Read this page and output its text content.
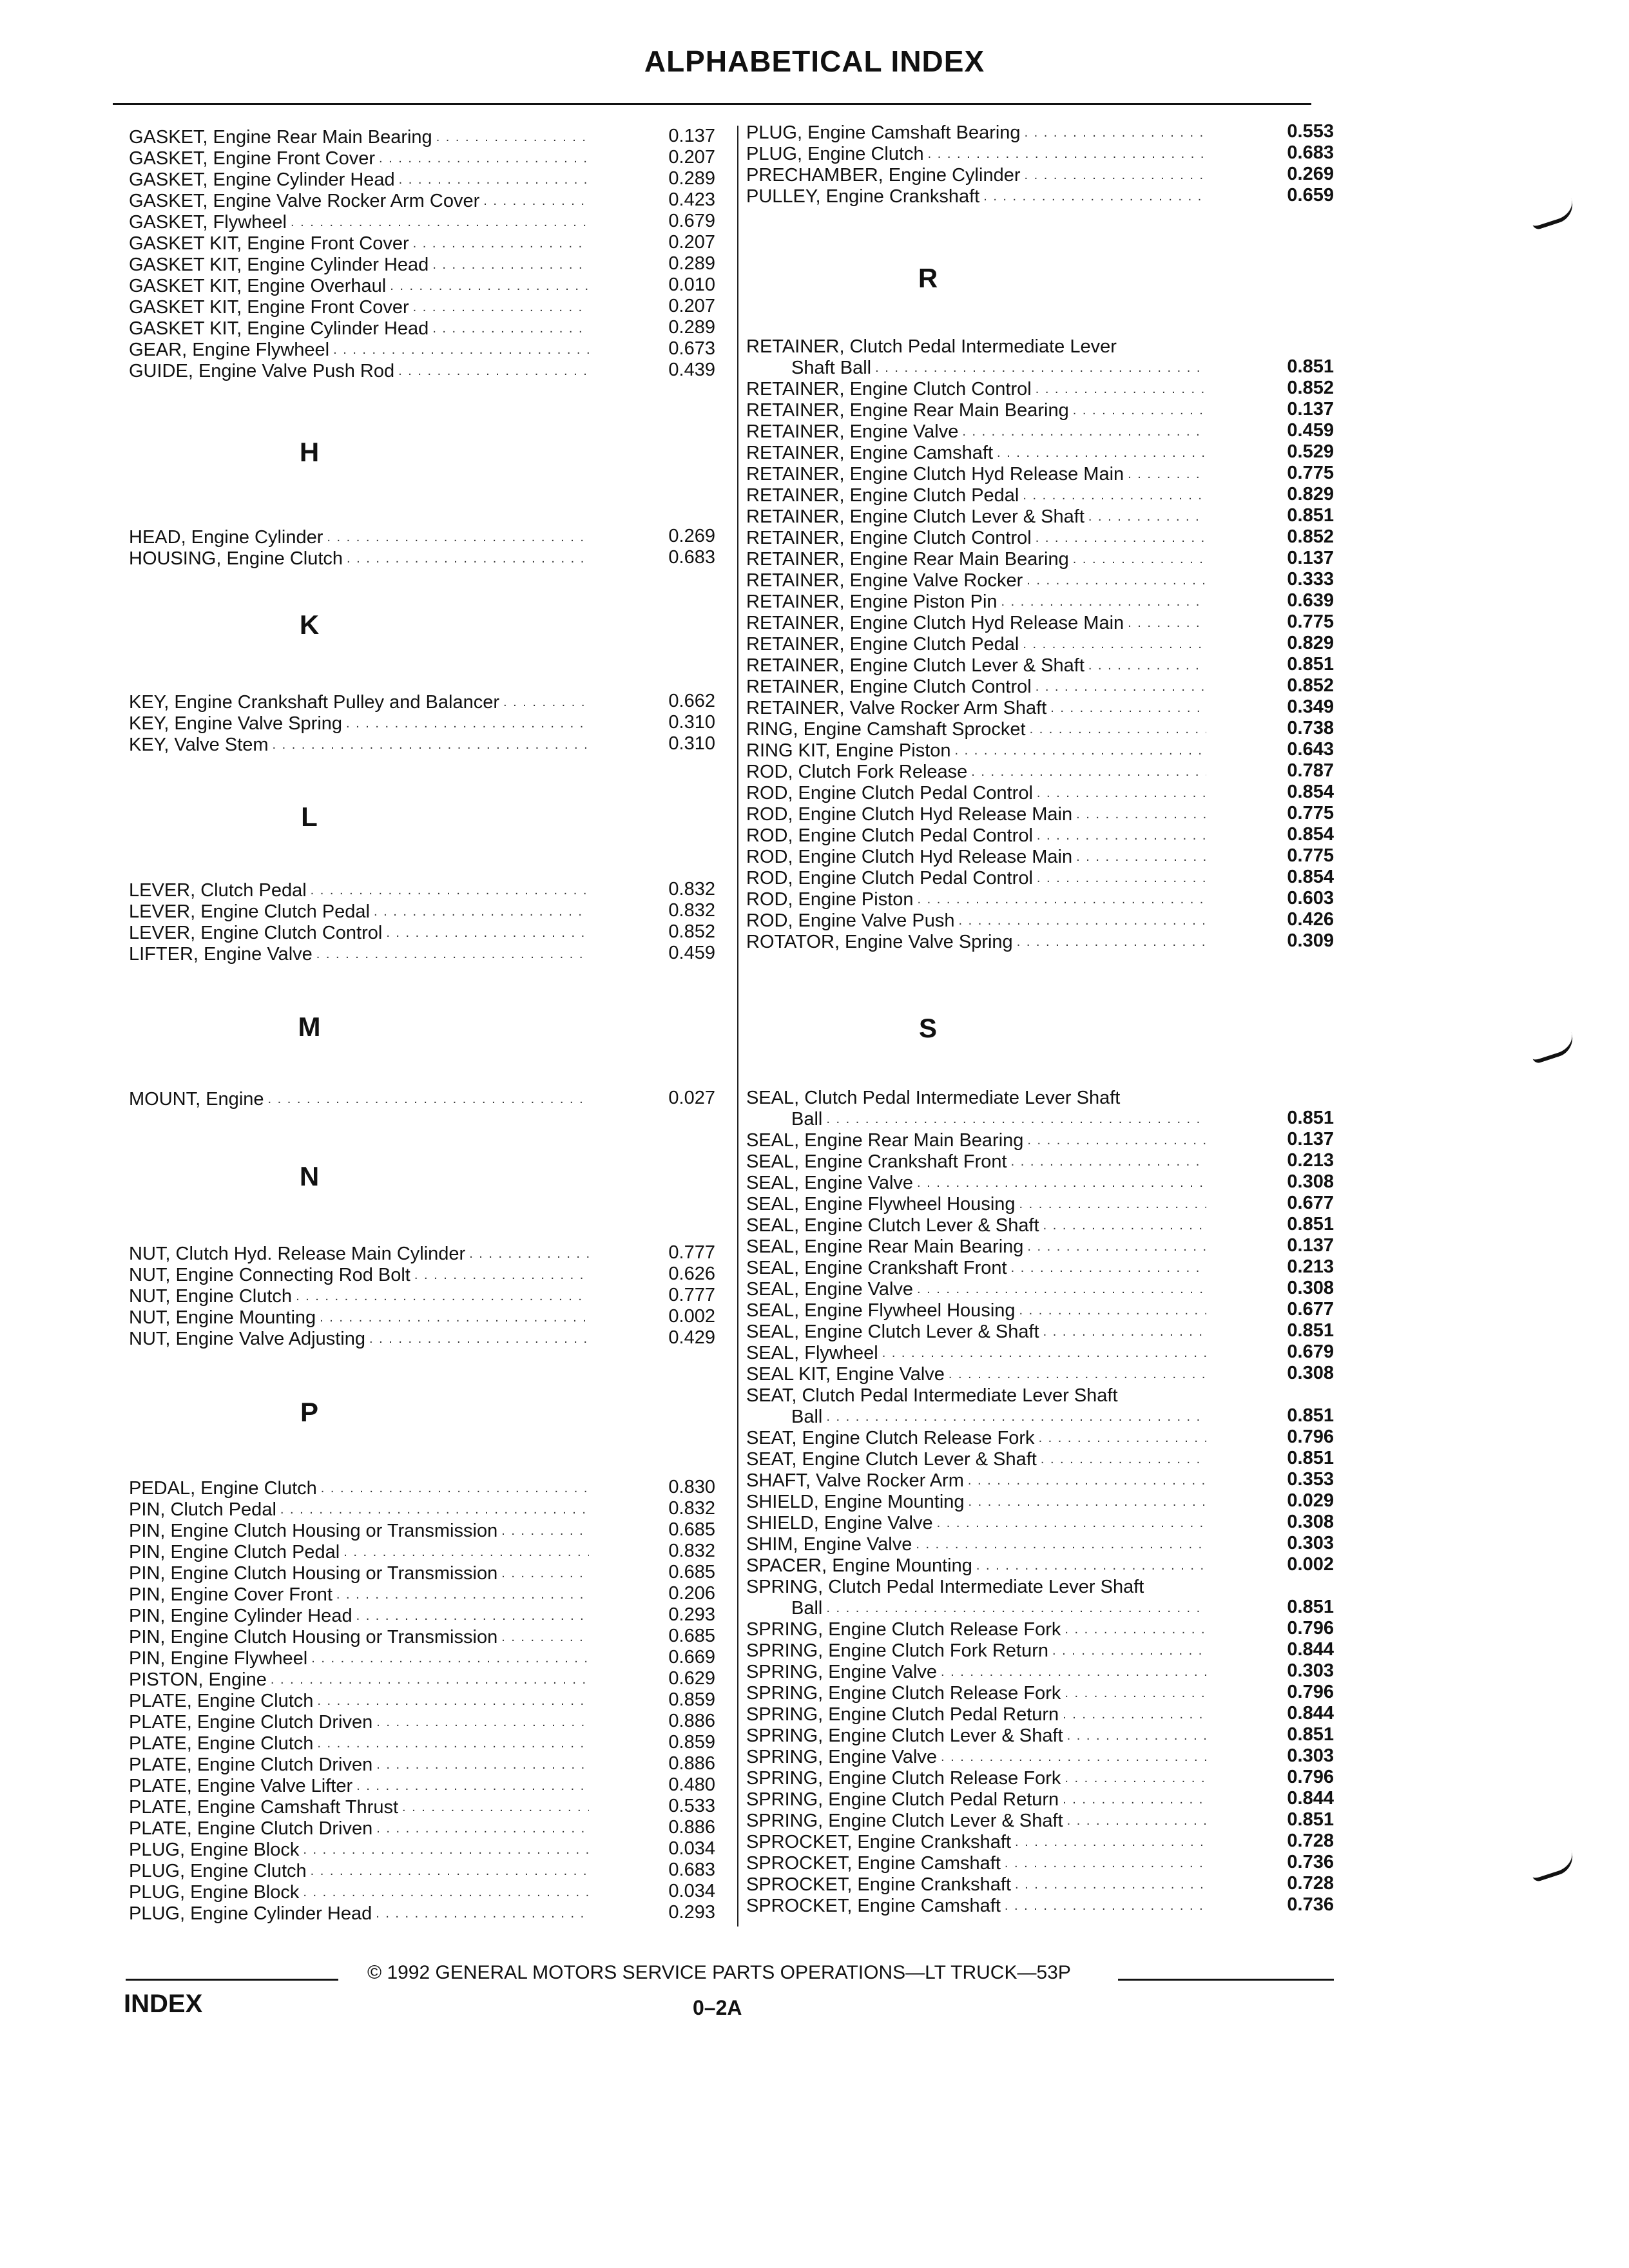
ALPHABETICAL INDEX
GASKET, Engine Rear Main Bearing . . .	0.137
GASKET, Engine Front Cover . . .	0.207
GASKET, Engine Cylinder Head . . .	0.289
GASKET, Engine Valve Rocker Arm Cover . . .	0.423
GASKET, Flywheel . . .	0.679
GASKET KIT, Engine Front Cover . . .	0.207
GASKET KIT, Engine Cylinder Head . . .	0.289
GASKET KIT, Engine Overhaul . . .	0.010
GASKET KIT, Engine Front Cover . . .	0.207
GASKET KIT, Engine Cylinder Head . . .	0.289
GEAR, Engine Flywheel . . .	0.673
GUIDE, Engine Valve Push Rod . . .	0.439
H
HEAD, Engine Cylinder . . .	0.269
HOUSING, Engine Clutch . . .	0.683
K
KEY, Engine Crankshaft Pulley and Balancer . . .	0.662
KEY, Engine Valve Spring . . .	0.310
KEY, Valve Stem . . .	0.310
L
LEVER, Clutch Pedal . . .	0.832
LEVER, Engine Clutch Pedal . . .	0.832
LEVER, Engine Clutch Control . . .	0.852
LIFTER, Engine Valve . . .	0.459
M
MOUNT, Engine . . .	0.027
N
NUT, Clutch Hyd. Release Main Cylinder . . .	0.777
NUT, Engine Connecting Rod Bolt . . .	0.626
NUT, Engine Clutch . . .	0.777
NUT, Engine Mounting . . .	0.002
NUT, Engine Valve Adjusting . . .	0.429
P
PEDAL, Engine Clutch . . .	0.830
PIN, Clutch Pedal . . .	0.832
PIN, Engine Clutch Housing or Transmission . . .	0.685
PIN, Engine Clutch Pedal . . .	0.832
PIN, Engine Clutch Housing or Transmission . . .	0.685
PIN, Engine Cover Front . . .	0.206
PIN, Engine Cylinder Head . . .	0.293
PIN, Engine Clutch Housing or Transmission . . .	0.685
PIN, Engine Flywheel . . .	0.669
PISTON, Engine . . .	0.629
PLATE, Engine Clutch . . .	0.859
PLATE, Engine Clutch Driven . . .	0.886
PLATE, Engine Clutch . . .	0.859
PLATE, Engine Clutch Driven . . .	0.886
PLATE, Engine Valve Lifter . . .	0.480
PLATE, Engine Camshaft Thrust . . .	0.533
PLATE, Engine Clutch Driven . . .	0.886
PLUG, Engine Block . . .	0.034
PLUG, Engine Clutch . . .	0.683
PLUG, Engine Block . . .	0.034
PLUG, Engine Cylinder Head . . .	0.293
PLUG, Engine Camshaft Bearing . . .	0.553
PLUG, Engine Clutch . . .	0.683
PRECHAMBER, Engine Cylinder . . .	0.269
PULLEY, Engine Crankshaft . . .	0.659
R
RETAINER, Clutch Pedal Intermediate Lever
Shaft Ball . . .	0.851
RETAINER, Engine Clutch Control . . .	0.852
RETAINER, Engine Rear Main Bearing . . .	0.137
RETAINER, Engine Valve . . .	0.459
RETAINER, Engine Camshaft . . .	0.529
RETAINER, Engine Clutch Hyd Release Main . . .	0.775
RETAINER, Engine Clutch Pedal . . .	0.829
RETAINER, Engine Clutch Lever & Shaft . . .	0.851
RETAINER, Engine Clutch Control . . .	0.852
RETAINER, Engine Rear Main Bearing . . .	0.137
RETAINER, Engine Valve Rocker . . .	0.333
RETAINER, Engine Piston Pin . . .	0.639
RETAINER, Engine Clutch Hyd Release Main . . .	0.775
RETAINER, Engine Clutch Pedal . . .	0.829
RETAINER, Engine Clutch Lever & Shaft . . .	0.851
RETAINER, Engine Clutch Control . . .	0.852
RETAINER, Valve Rocker Arm Shaft . . .	0.349
RING, Engine Camshaft Sprocket . . .	0.738
RING KIT, Engine Piston . . .	0.643
ROD, Clutch Fork Release . . .	0.787
ROD, Engine Clutch Pedal Control . . .	0.854
ROD, Engine Clutch Hyd Release Main . . .	0.775
ROD, Engine Clutch Pedal Control . . .	0.854
ROD, Engine Clutch Hyd Release Main . . .	0.775
ROD, Engine Clutch Pedal Control . . .	0.854
ROD, Engine Piston . . .	0.603
ROD, Engine Valve Push . . .	0.426
ROTATOR, Engine Valve Spring . . .	0.309
S
SEAL, Clutch Pedal Intermediate Lever Shaft
Ball . . .	0.851
SEAL, Engine Rear Main Bearing . . .	0.137
SEAL, Engine Crankshaft Front . . .	0.213
SEAL, Engine Valve . . .	0.308
SEAL, Engine Flywheel Housing . . .	0.677
SEAL, Engine Clutch Lever & Shaft . . .	0.851
SEAL, Engine Rear Main Bearing . . .	0.137
SEAL, Engine Crankshaft Front . . .	0.213
SEAL, Engine Valve . . .	0.308
SEAL, Engine Flywheel Housing . . .	0.677
SEAL, Engine Clutch Lever & Shaft . . .	0.851
SEAL, Flywheel . . .	0.679
SEAL KIT, Engine Valve . . .	0.308
SEAT, Clutch Pedal Intermediate Lever Shaft
Ball . . .	0.851
SEAT, Engine Clutch Release Fork . . .	0.796
SEAT, Engine Clutch Lever & Shaft . . .	0.851
SHAFT, Valve Rocker Arm . . .	0.353
SHIELD, Engine Mounting . . .	0.029
SHIELD, Engine Valve . . .	0.308
SHIM, Engine Valve . . .	0.303
SPACER, Engine Mounting . . .	0.002
SPRING, Clutch Pedal Intermediate Lever Shaft
Ball . . .	0.851
SPRING, Engine Clutch Release Fork . . .	0.796
SPRING, Engine Clutch Fork Return . . .	0.844
SPRING, Engine Valve . . .	0.303
SPRING, Engine Clutch Release Fork . . .	0.796
SPRING, Engine Clutch Pedal Return . . .	0.844
SPRING, Engine Clutch Lever & Shaft . . .	0.851
SPRING, Engine Valve . . .	0.303
SPRING, Engine Clutch Release Fork . . .	0.796
SPRING, Engine Clutch Pedal Return . . .	0.844
SPRING, Engine Clutch Lever & Shaft . . .	0.851
SPROCKET, Engine Crankshaft . . .	0.728
SPROCKET, Engine Camshaft . . .	0.736
SPROCKET, Engine Crankshaft . . .	0.728
SPROCKET, Engine Camshaft . . .	0.736
© 1992 GENERAL MOTORS SERVICE PARTS OPERATIONS—LT TRUCK—53P
INDEX	0–2A
